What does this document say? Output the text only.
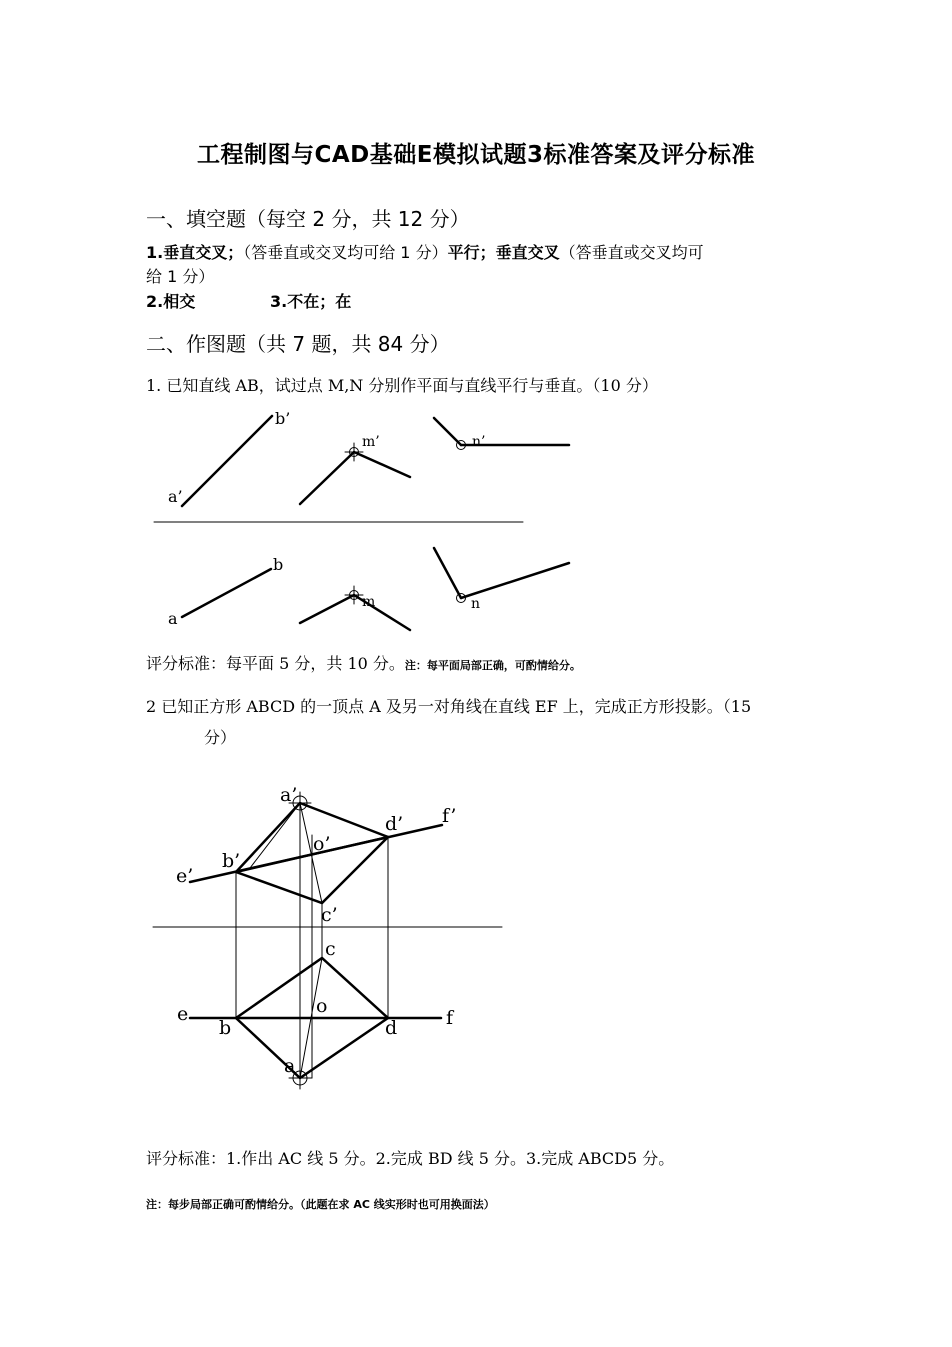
工程制图与CAD基础E模拟试题3标准答案及评分标准
一、填空题（每空 2 分，共 12 分）
1.垂直交叉；（答垂直或交叉均可给 1 分）平行；垂直交叉（答垂直或交叉均可
给 1 分）
2.相交	3.不在；在
二、作图题（共 7 题，共 84 分）
1. 已知直线 AB，试过点 M,N 分别作平面与直线平行与垂直。（10 分）
b’
a’
m’	n’
b
a
m	n
评分标准：每平面 5 分，共 10 分。注：每平面局部正确，可酌情给分。
2 已知正方形 ABCD 的一顶点 A 及另一对角线在直线 EF 上，完成正方形投影。（15
分）
a’
b’
c’
d’
e’
f’
o’
a
b
c
d
e	f
o
评分标准：1.作出 AC 线 5 分。2.完成 BD 线 5 分。3.完成 ABCD5 分。
注：每步局部正确可酌情给分。（此题在求 AC 线实形时也可用换面法）
